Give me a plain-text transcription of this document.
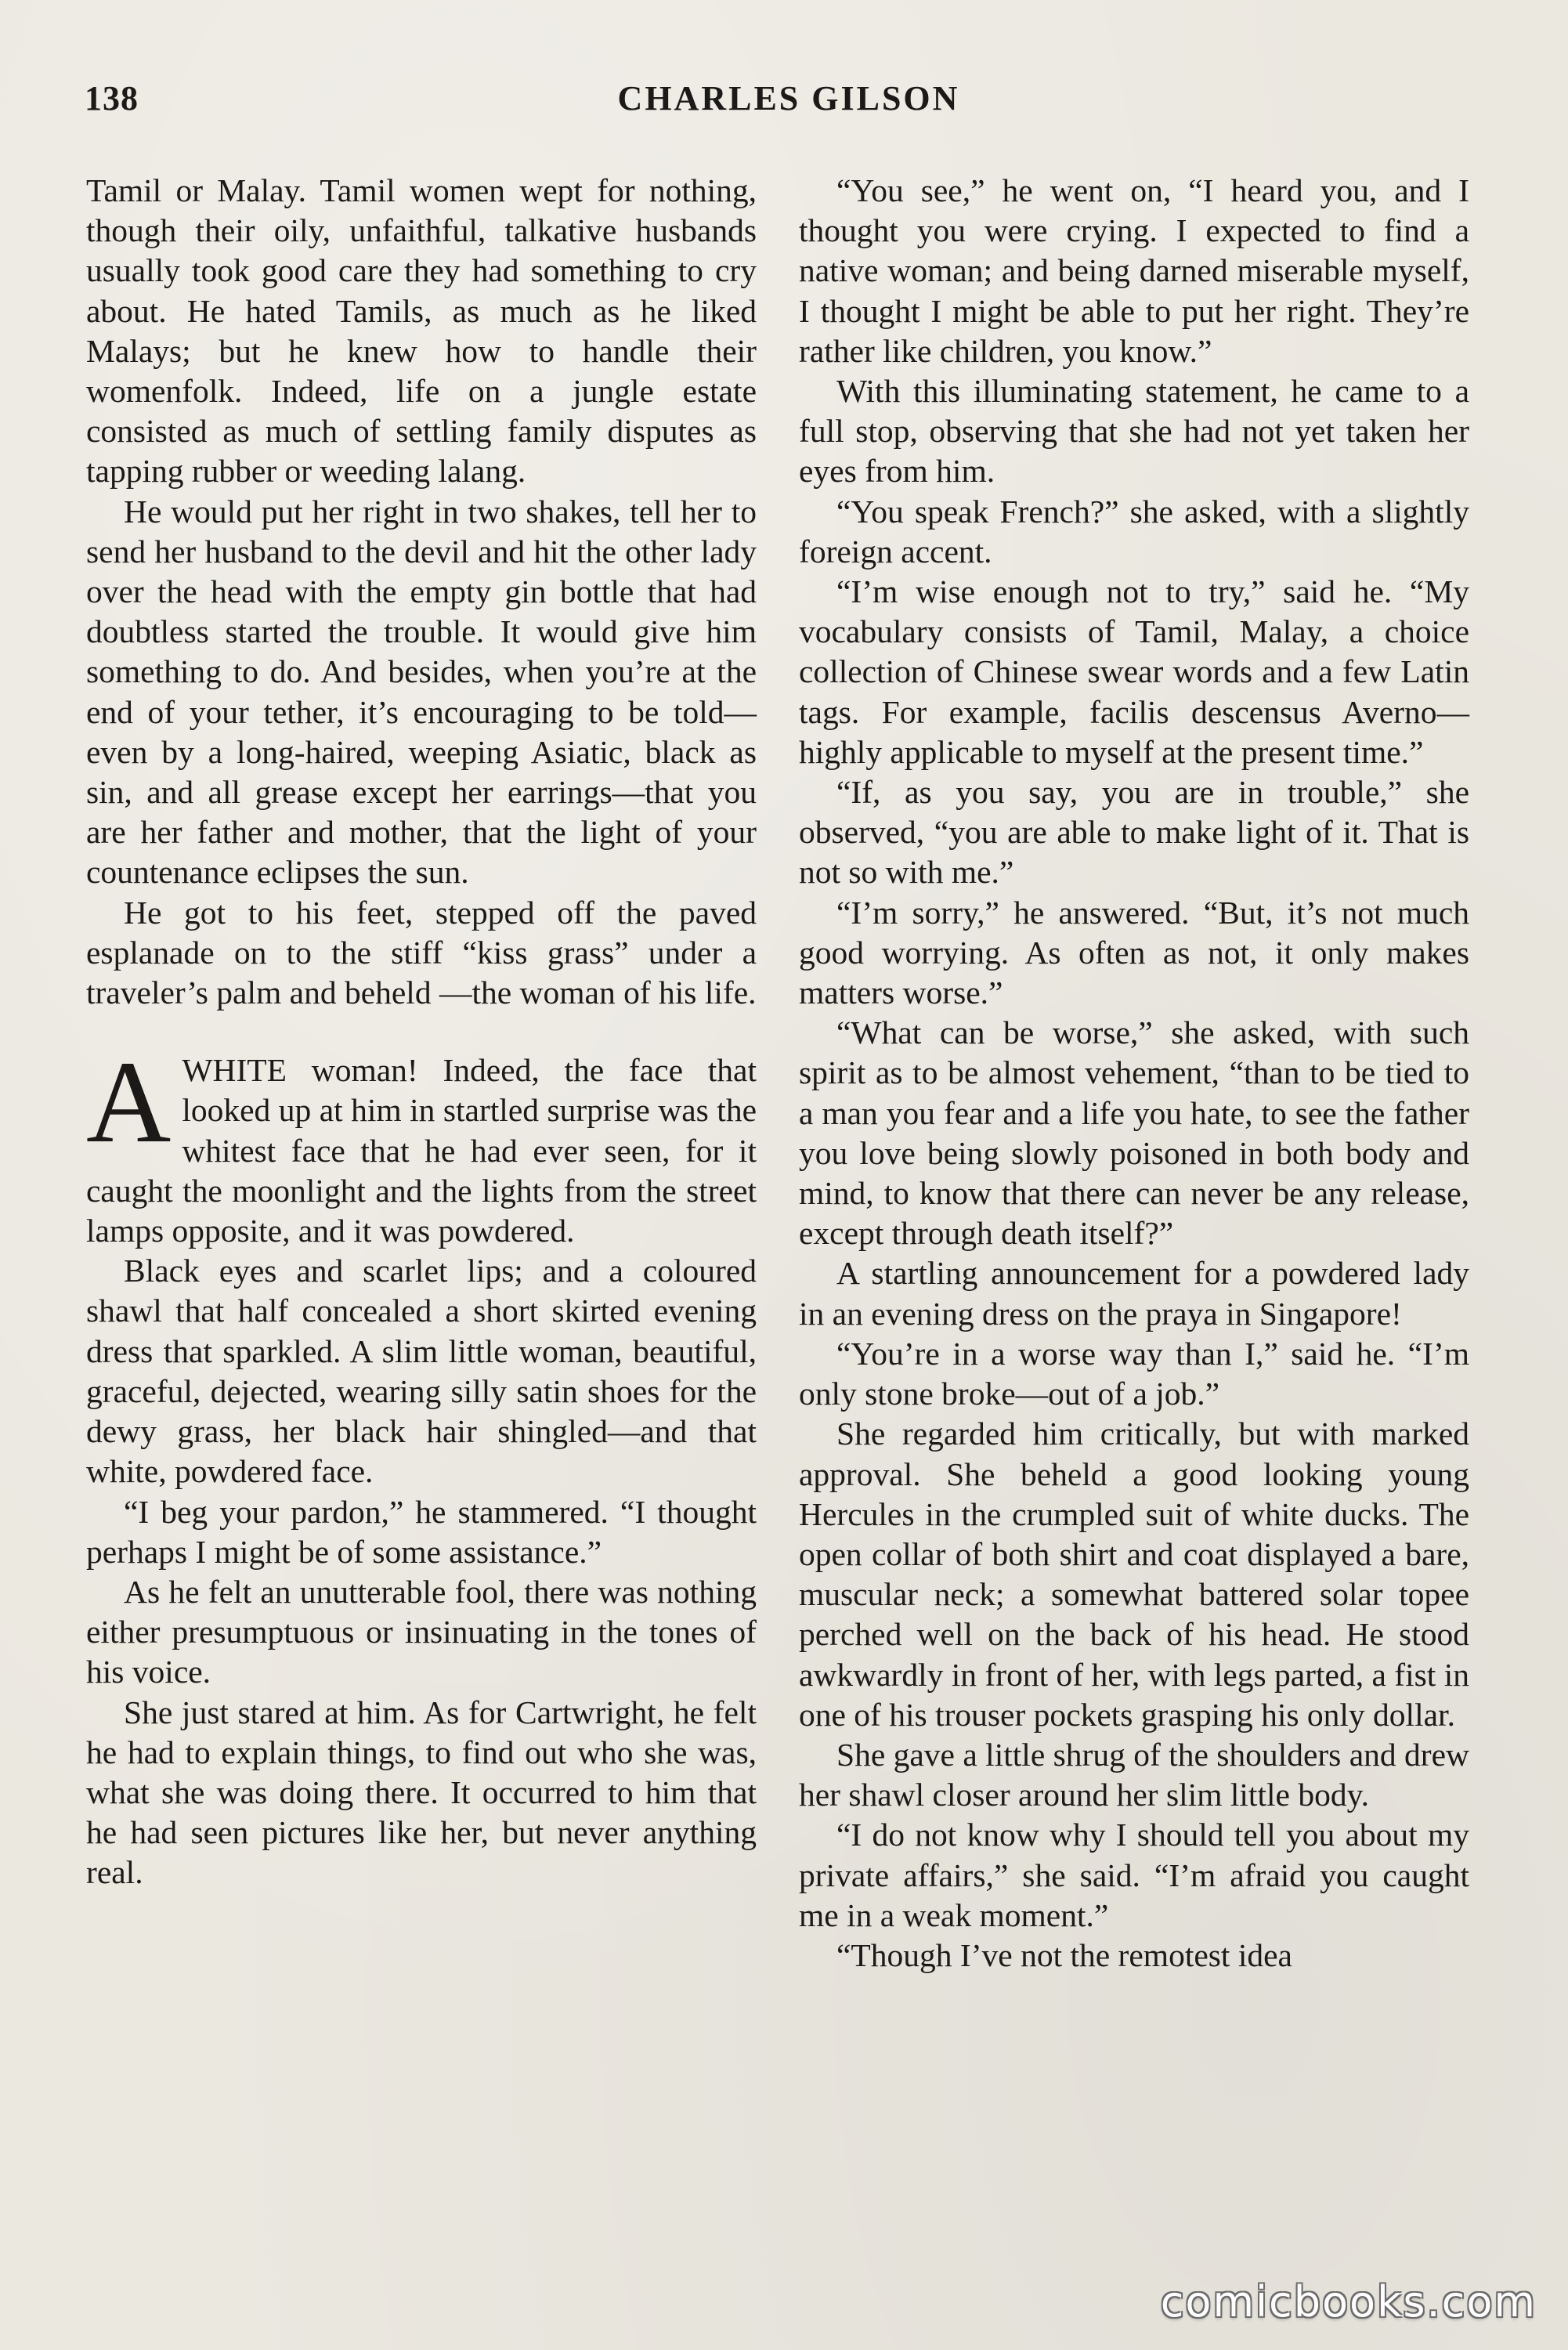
138	CHARLES GILSON

Tamil or Malay. Tamil women wept for nothing, though their oily, unfaithful, talkative husbands usually took good care they had something to cry about. He hated Tamils, as much as he liked Malays; but he knew how to handle their womenfolk. Indeed, life on a jungle estate consisted as much of settling family disputes as tapping rubber or weeding lalang.

He would put her right in two shakes, tell her to send her husband to the devil and hit the other lady over the head with the empty gin bottle that had doubtless started the trouble. It would give him something to do. And besides, when you’re at the end of your tether, it’s encouraging to be told—even by a long-haired, weeping Asiatic, black as sin, and all grease except her earrings—that you are her father and mother, that the light of your countenance eclipses the sun.

He got to his feet, stepped off the paved esplanade on to the stiff “kiss grass” under a traveler’s palm and beheld —the woman of his life.

AWHITE woman! Indeed, the face that looked up at him in startled surprise was the whitest face that he had ever seen, for it caught the moonlight and the lights from the street lamps opposite, and it was powdered.

Black eyes and scarlet lips; and a coloured shawl that half concealed a short skirted evening dress that sparkled. A slim little woman, beautiful, graceful, dejected, wearing silly satin shoes for the dewy grass, her black hair shingled—and that white, powdered face.

“I beg your pardon,” he stammered. “I thought perhaps I might be of some assistance.”

As he felt an unutterable fool, there was nothing either presumptuous or insinuating in the tones of his voice.

She just stared at him. As for Cartwright, he felt he had to explain things, to find out who she was, what she was doing there. It occurred to him that he had seen pictures like her, but never anything real.

“You see,” he went on, “I heard you, and I thought you were crying. I expected to find a native woman; and being darned miserable myself, I thought I might be able to put her right. They’re rather like children, you know.”

With this illuminating statement, he came to a full stop, observing that she had not yet taken her eyes from him.

“You speak French?” she asked, with a slightly foreign accent.

“I’m wise enough not to try,” said he. “My vocabulary consists of Tamil, Malay, a choice collection of Chinese swear words and a few Latin tags. For example, facilis descensus Averno—highly applicable to myself at the present time.”

“If, as you say, you are in trouble,” she observed, “you are able to make light of it. That is not so with me.”

“I’m sorry,” he answered. “But, it’s not much good worrying. As often as not, it only makes matters worse.”

“What can be worse,” she asked, with such spirit as to be almost vehement, “than to be tied to a man you fear and a life you hate, to see the father you love being slowly poisoned in both body and mind, to know that there can never be any release, except through death itself?”

A startling announcement for a powdered lady in an evening dress on the praya in Singapore!

“You’re in a worse way than I,” said he. “I’m only stone broke—out of a job.”

She regarded him critically, but with marked approval. She beheld a good looking young Hercules in the crumpled suit of white ducks. The open collar of both shirt and coat displayed a bare, muscular neck; a somewhat battered solar topee perched well on the back of his head. He stood awkwardly in front of her, with legs parted, a fist in one of his trouser pockets grasping his only dollar.

She gave a little shrug of the shoulders and drew her shawl closer around her slim little body.

“I do not know why I should tell you about my private affairs,” she said. “I’m afraid you caught me in a weak moment.”

“Though I’ve not the remotest idea

comicbooks.com
